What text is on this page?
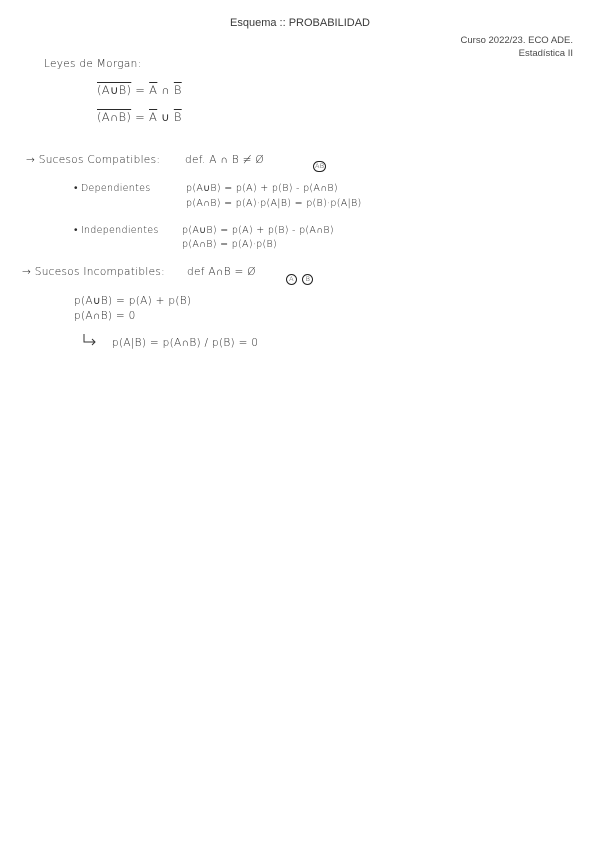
Esquema :: PROBABILIDAD
Curso 2022/23. ECO ADE.
Estadística II
Leyes de Morgan:
(A∪B) = $\overline{A}$ ∩ $\overline{B}$
(A∩B) = $\overline{A}$ ∪ $\overline{B}$
→ Sucesos Compatibles: def. A ∩ B ≠ Ø	AB
• Dependientes	p(A∪B) = p(A) + p(B) - p(A∩B)
p(A∩B) = p(A)·p(A|B) = p(B)·p(A|B)
• Independientes p(A∪B) = p(A) + p(B) - p(A∩B)
p(A∩B) = p(A)·p(B)
→ Sucesos Incompatibles: def A∩B = Ø
A B
p(A∪B) = p(A) + p(B)
p(A∩B) = 0
p(A|B) = p(A∩B) / p(B) = 0
